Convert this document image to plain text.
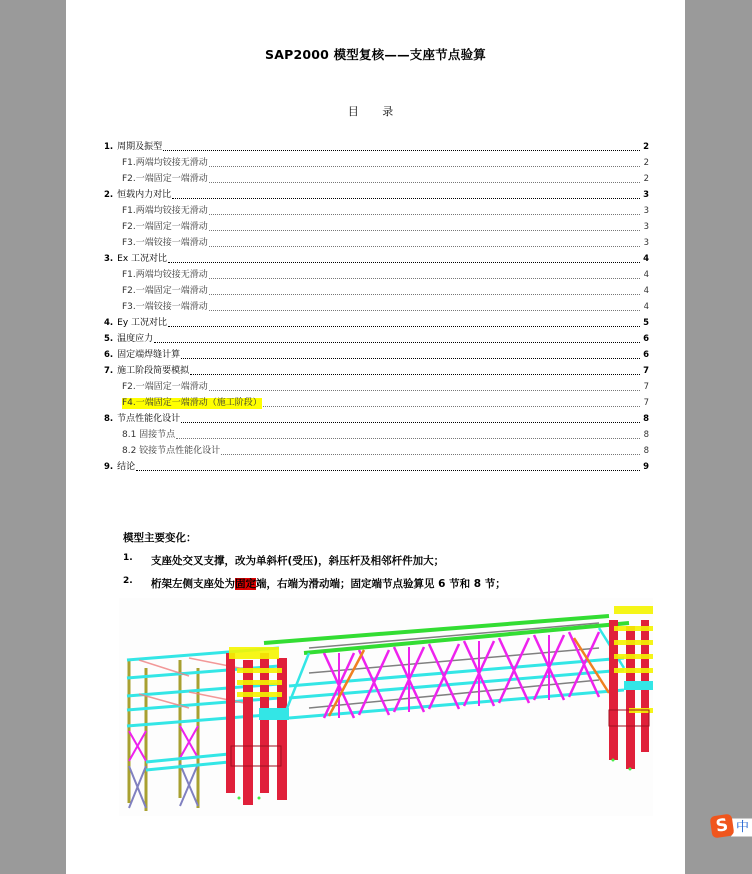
SAP2000 模型复核——支座节点验算
目 录
1. 周期及振型	2
F1.两端均铰接无滑动	2
F2.一端固定一端滑动	2
2. 恒载内力对比	3
F1.两端均铰接无滑动	3
F2.一端固定一端滑动	3
F3.一端铰接一端滑动	3
3. Ex 工况对比	4
F1.两端均铰接无滑动	4
F2.一端固定一端滑动	4
F3.一端铰接一端滑动	4
4. Ey 工况对比	5
5. 温度应力	6
6. 固定端焊缝计算	6
7. 施工阶段简要模拟	7
F2.一端固定一端滑动	7
F4.一端固定一端滑动（施工阶段）	7
8. 节点性能化设计	8
8.1 固接节点	8
8.2 铰接节点性能化设计	8
9. 结论	9
模型主要变化：
1.	支座处交叉支撑，改为单斜杆(受压)，斜压杆及相邻杆件加大；
2.	桁架左侧支座处为固定端，右端为滑动端；固定端节点验算见 6 节和 8 节；
中
S
